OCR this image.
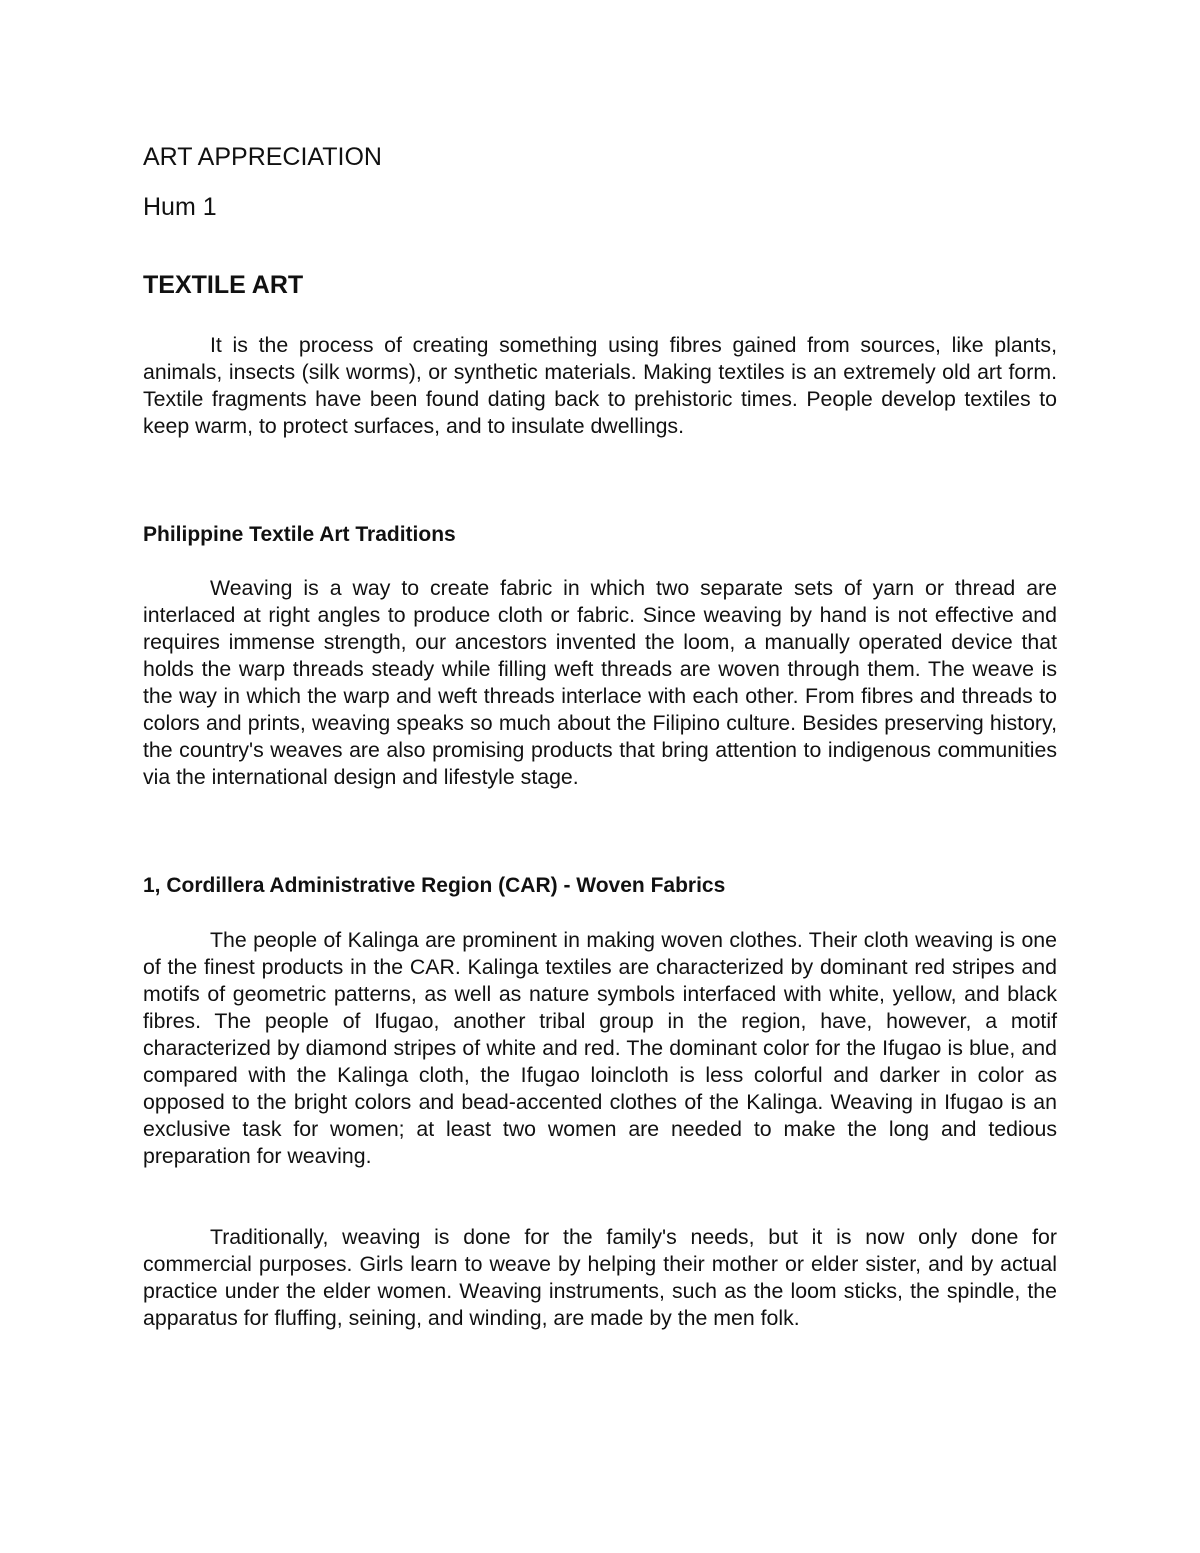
ART APPRECIATION
Hum 1
TEXTILE ART

It is the process of creating something using fibres gained from sources, like plants, animals, insects (silk worms), or synthetic materials. Making textiles is an extremely old art form. Textile fragments have been found dating back to prehistoric times. People develop textiles to keep warm, to protect surfaces, and to insulate dwellings.

Philippine Textile Art Traditions

Weaving is a way to create fabric in which two separate sets of yarn or thread are interlaced at right angles to produce cloth or fabric. Since weaving by hand is not effective and requires immense strength, our ancestors invented the loom, a manually operated device that holds the warp threads steady while filling weft threads are woven through them. The weave is the way in which the warp and weft threads interlace with each other. From fibres and threads to colors and prints, weaving speaks so much about the Filipino culture. Besides preserving history, the country's weaves are also promising products that bring attention to indigenous communities via the international design and lifestyle stage.

1, Cordillera Administrative Region (CAR) - Woven Fabrics

The people of Kalinga are prominent in making woven clothes. Their cloth weaving is one of the finest products in the CAR. Kalinga textiles are characterized by dominant red stripes and motifs of geometric patterns, as well as nature symbols interfaced with white, yellow, and black fibres. The people of Ifugao, another tribal group in the region, have, however, a motif characterized by diamond stripes of white and red. The dominant color for the Ifugao is blue, and compared with the Kalinga cloth, the Ifugao loincloth is less colorful and darker in color as opposed to the bright colors and bead-accented clothes of the Kalinga. Weaving in Ifugao is an exclusive task for women; at least two women are needed to make the long and tedious preparation for weaving.

Traditionally, weaving is done for the family's needs, but it is now only done for commercial purposes. Girls learn to weave by helping their mother or elder sister, and by actual practice under the elder women. Weaving instruments, such as the loom sticks, the spindle, the apparatus for fluffing, seining, and winding, are made by the men folk.
